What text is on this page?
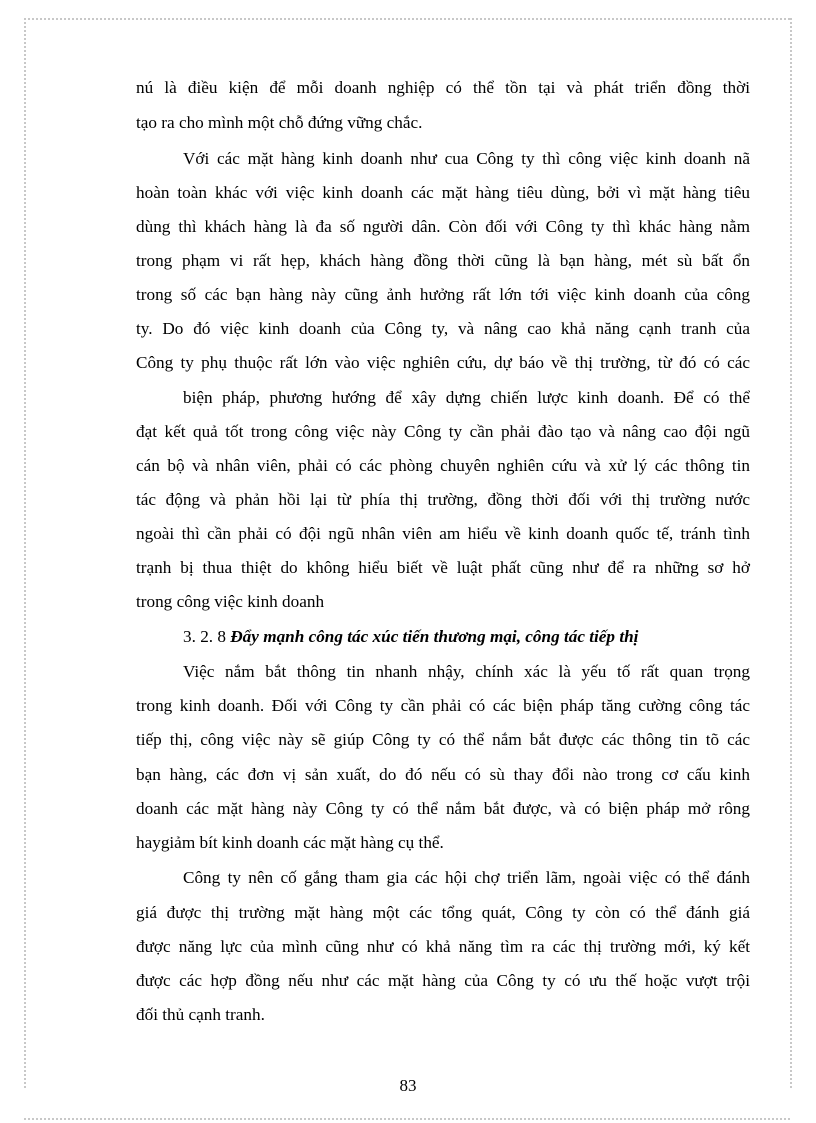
nú là điều kiện để mỗi doanh nghiệp có thể tồn tại và phát triển đồng thời
tạo ra cho mình một chỗ đứng vững chắc.
Với các mặt hàng kinh doanh như cua Công ty thì công việc kinh doanh nã
hoàn toàn khác với việc kinh doanh các mặt hàng tiêu dùng, bởi vì mặt hàng tiêu
dùng thì khách hàng là đa số người dân. Còn đối với Công ty thì khác hàng nằm
trong phạm vi rất hẹp, khách hàng đồng thời cũng là bạn hàng, mét sù bất ổn
trong số các bạn hàng này cũng ảnh hưởng rất lớn tới việc kinh doanh của công
ty. Do đó việc kinh doanh của Công ty, và nâng cao khả năng cạnh tranh của
Công ty phụ thuộc rất lớn vào việc nghiên cứu, dự báo về thị trường, từ đó có các
biện pháp, phương hướng để xây dựng chiến lược kinh doanh. Để có thể
đạt kết quả tốt trong công việc này Công ty cần phải đào tạo và nâng cao đội ngũ
cán bộ và nhân viên, phải có các phòng chuyên nghiên cứu và xử lý các thông tin
tác động và phản hồi lại từ phía thị trường, đồng thời đối với thị trường nước
ngoài thì cần phải có đội ngũ nhân viên am hiểu về kinh doanh quốc tế, tránh tình
trạnh bị thua thiệt do không hiểu biết về luật phất cũng như để ra những sơ hở
trong công việc kinh doanh
3. 2. 8 Đẩy mạnh công tác xúc tiến thương mại, công tác tiếp thị
Việc nắm bắt thông tin nhanh nhậy, chính xác là yếu tố rất quan trọng
trong kinh doanh. Đối với Công ty cần phải có các biện pháp tăng cường công tác
tiếp thị, công việc này sẽ giúp Công ty có thể nắm bắt được các thông tin tõ các
bạn hàng, các đơn vị sản xuất, do đó nếu có sù thay đổi nào trong cơ cấu kinh
doanh các mặt hàng này Công ty có thể nắm bắt được, và có biện pháp mở rông
haygiảm bít kinh doanh các mặt hàng cụ thể.
Công ty nên cố gắng tham gia các hội chợ triển lãm, ngoài việc có thể đánh
giá được thị trường mặt hàng một các tổng quát, Công ty còn có thể đánh giá
được năng lực của mình cũng như có khả năng tìm ra các thị trường mới, ký kết
được các hợp đồng nếu như các mặt hàng của Công ty có ưu thế hoặc vượt trội
đối thủ cạnh tranh.
83
